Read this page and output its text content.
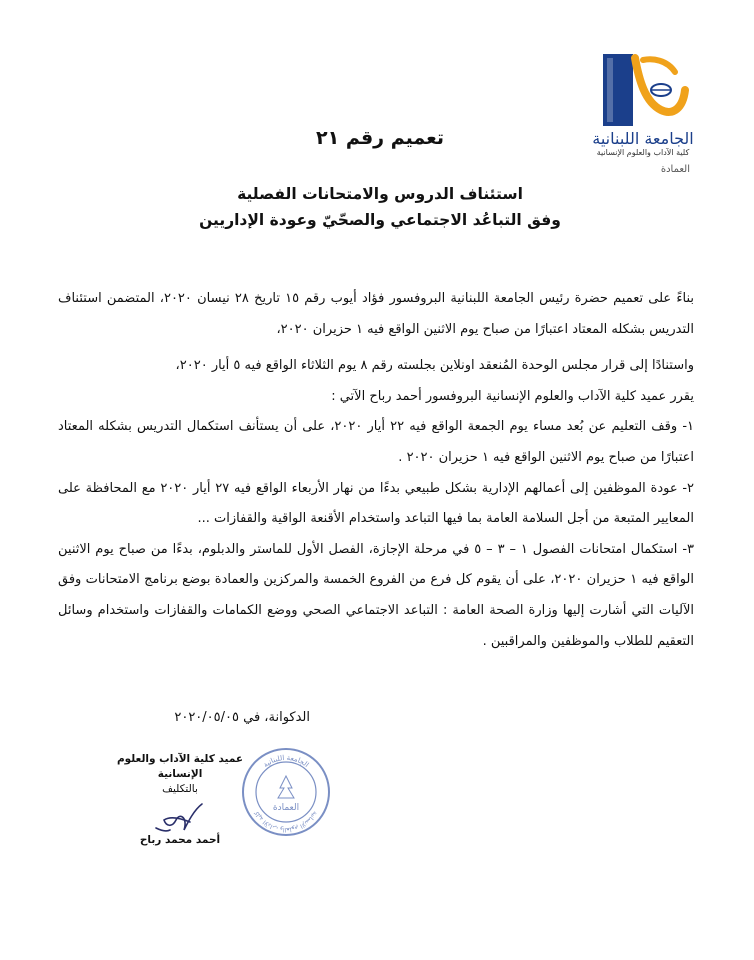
الجامعة اللبنانية
كلية الآداب والعلوم الإنسانية
العمادة
تعميم رقم ٢١
استئناف الدروس والامتحانات الفصلية
وفق التباعُد الاجتماعي والصحّيّ وعودة الإداريين

بناءً على تعميم حضرة رئيس الجامعة اللبنانية البروفسور فؤاد أيوب رقم ١٥ تاريخ ٢٨ نيسان ٢٠٢٠، المتضمن استئناف التدريس بشكله المعتاد اعتبارًا من صباح يوم الاثنين الواقع فيه ١ حزيران ٢٠٢٠،

واستنادًا إلى قرار مجلس الوحدة المُنعقد اونلاين بجلسته رقم ٨ يوم الثلاثاء الواقع فيه ٥ أيار ٢٠٢٠،

يقرر عميد كلية الآداب والعلوم الإنسانية البروفسور أحمد رباح الآتي :

١- وقف التعليم عن بُعد مساء يوم الجمعة الواقع فيه ٢٢ أيار ٢٠٢٠، على أن يستأنف استكمال التدريس بشكله المعتاد اعتبارًا من صباح يوم الاثنين الواقع فيه ١ حزيران ٢٠٢٠ .

٢- عودة الموظفين إلى أعمالهم الإدارية بشكل طبيعي بدءًا من نهار الأربعاء الواقع فيه ٢٧ أيار ٢٠٢٠ مع المحافظة على المعايير المتبعة من أجل السلامة العامة بما فيها التباعد واستخدام الأقنعة الواقية والقفازات ...

٣- استكمال امتحانات الفصول ١ – ٣ – ٥ في مرحلة الإجازة، الفصل الأول للماستر والدبلوم، بدءًا من صباح يوم الاثنين الواقع فيه ١ حزيران ٢٠٢٠، على أن يقوم كل فرع من الفروع الخمسة والمركزين والعمادة بوضع برنامج الامتحانات وفق الآليات التي أشارت إليها وزارة الصحة العامة : التباعد الاجتماعي الصحي ووضع الكمامات والقفازات واستخدام وسائل التعقيم للطلاب والموظفين والمراقبين .

الدكوانة، في ٢٠٢٠/٠٥/٠٥
عميد كلية الآداب والعلوم الإنسانية
بالتكليف
أحمد محمد رباح
الجامعة اللبنانية
كلية الآداب والعلوم الإنسانية	العمادة
